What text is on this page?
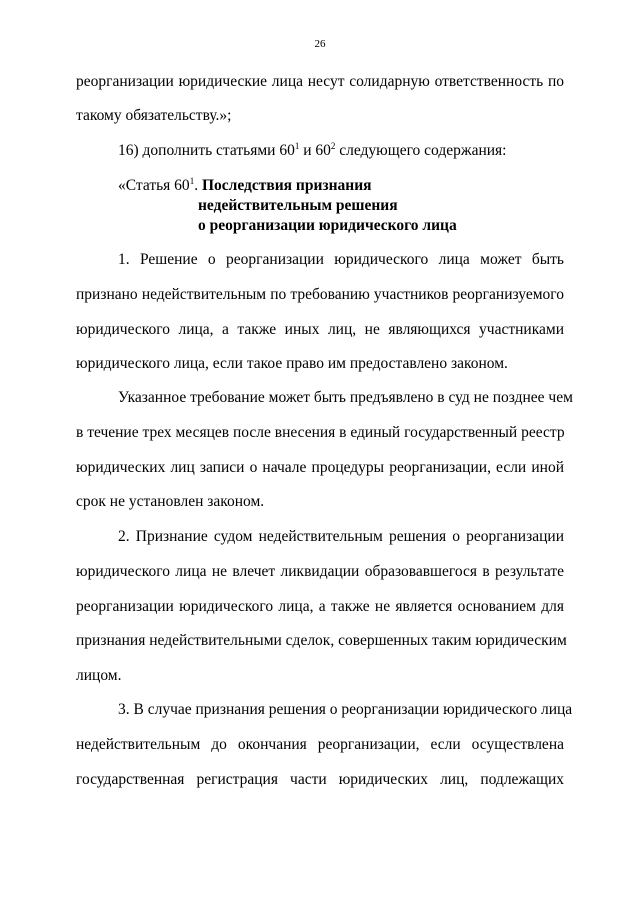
26
реорганизации юридические лица несут солидарную ответственность по
такому обязательству.»;
16) дополнить статьями $60^1$ и $60^2$ следующего содержания:
«Статья $60^1$. Последствия признания
недействительным решения
о реорганизации юридического лица
1. Решение о реорганизации юридического лица может быть
признано недействительным по требованию участников реорганизуемого
юридического лица, а также иных лиц, не являющихся участниками
юридического лица, если такое право им предоставлено законом.
Указанное требование может быть предъявлено в суд не позднее чем
в течение трех месяцев после внесения в единый государственный реестр
юридических лиц записи о начале процедуры реорганизации, если иной
срок не установлен законом.
2. Признание судом недействительным решения о реорганизации
юридического лица не влечет ликвидации образовавшегося в результате
реорганизации юридического лица, а также не является основанием для
признания недействительными сделок, совершенных таким юридическим
лицом.
3. В случае признания решения о реорганизации юридического лица
недействительным до окончания реорганизации, если осуществлена
государственная регистрация части юридических лиц, подлежащих
